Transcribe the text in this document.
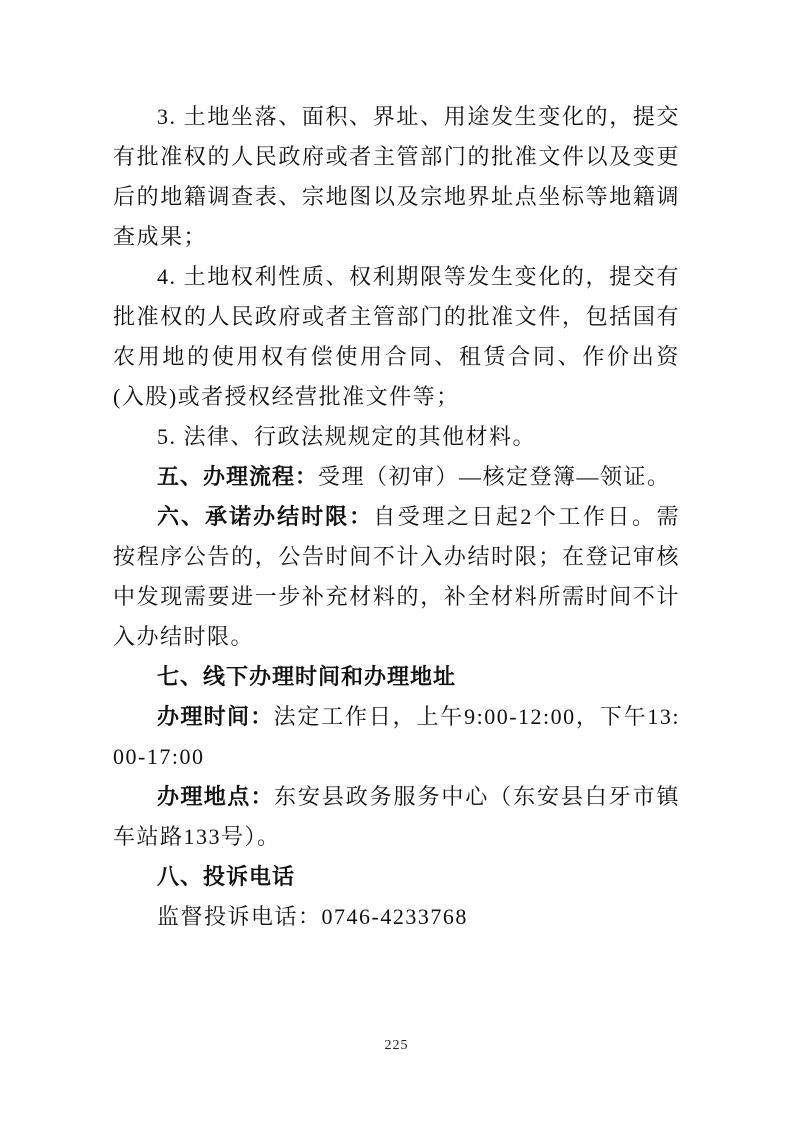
3. 土地坐落、面积、界址、用途发生变化的，提交有批准权的人民政府或者主管部门的批准文件以及变更后的地籍调查表、宗地图以及宗地界址点坐标等地籍调查成果；

4. 土地权利性质、权利期限等发生变化的，提交有批准权的人民政府或者主管部门的批准文件，包括国有农用地的使用权有偿使用合同、租赁合同、作价出资(入股)或者授权经营批准文件等；

5. 法律、行政法规规定的其他材料。

五、办理流程：受理（初审）—核定登簿—领证。

六、承诺办结时限：自受理之日起2个工作日。需按程序公告的，公告时间不计入办结时限；在登记审核中发现需要进一步补充材料的，补全材料所需时间不计入办结时限。

七、线下办理时间和办理地址

办理时间：法定工作日，上午9:00-12:00，下午13:00-17:00

办理地点：东安县政务服务中心（东安县白牙市镇车站路133号）。

八、投诉电话

监督投诉电话：0746-4233768

225
